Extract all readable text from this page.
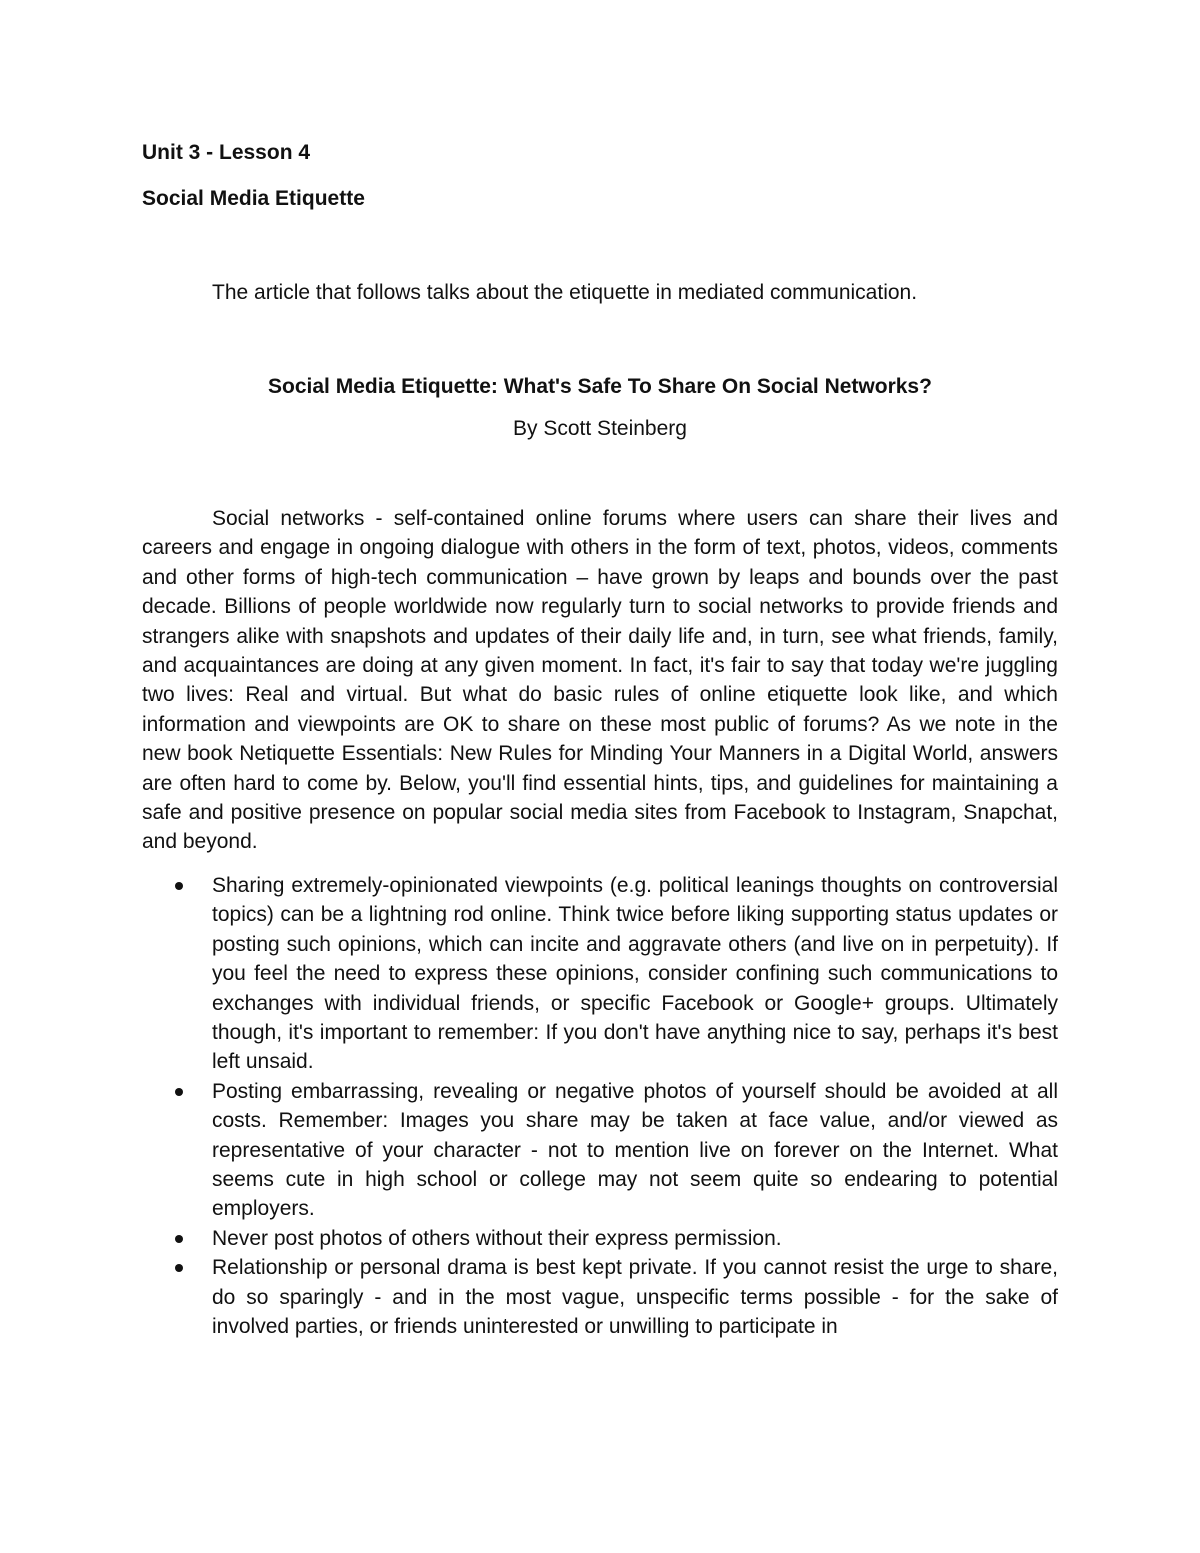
Unit 3 - Lesson 4

Social Media Etiquette

The article that follows talks about the etiquette in mediated communication.

Social Media Etiquette: What's Safe To Share On Social Networks?

By Scott Steinberg

Social networks - self-contained online forums where users can share their lives and careers and engage in ongoing dialogue with others in the form of text, photos, videos, comments and other forms of high-tech communication – have grown by leaps and bounds over the past decade. Billions of people worldwide now regularly turn to social networks to provide friends and strangers alike with snapshots and updates of their daily life and, in turn, see what friends, family, and acquaintances are doing at any given moment. In fact, it's fair to say that today we're juggling two lives: Real and virtual. But what do basic rules of online etiquette look like, and which information and viewpoints are OK to share on these most public of forums? As we note in the new book Netiquette Essentials: New Rules for Minding Your Manners in a Digital World, answers are often hard to come by. Below, you'll find essential hints, tips, and guidelines for maintaining a safe and positive presence on popular social media sites from Facebook to Instagram, Snapchat, and beyond.

Sharing extremely-opinionated viewpoints (e.g. political leanings thoughts on controversial topics) can be a lightning rod online. Think twice before liking supporting status updates or posting such opinions, which can incite and aggravate others (and live on in perpetuity). If you feel the need to express these opinions, consider confining such communications to exchanges with individual friends, or specific Facebook or Google+ groups. Ultimately though, it's important to remember: If you don't have anything nice to say, perhaps it's best left unsaid.
Posting embarrassing, revealing or negative photos of yourself should be avoided at all costs. Remember: Images you share may be taken at face value, and/or viewed as representative of your character - not to mention live on forever on the Internet. What seems cute in high school or college may not seem quite so endearing to potential employers.
Never post photos of others without their express permission.
Relationship or personal drama is best kept private. If you cannot resist the urge to share, do so sparingly - and in the most vague, unspecific terms possible - for the sake of involved parties, or friends uninterested or unwilling to participate in
